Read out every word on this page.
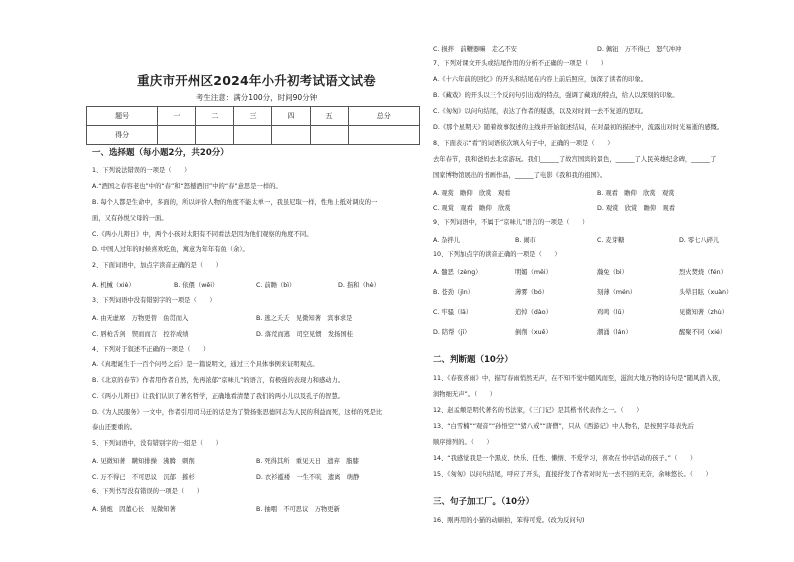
重庆市开州区2024年小升初考试语文试卷
考生注意：满分100分，时间90分钟
题号	一	二	三	四	五	总分
得分						
一、选择题（每小题2分，共20分）
1、下列说法错误的一项是（　　）
A.“酒国之春容老也”中的“春”和“怒撼酒旧”中的“春”意思是一样的。
B. 每个人都是生命中，多面的，所以评价人物的角度不能太单一，我虽尼取一样，性角上抵对调皮的一
面，又有孙悦父母的一面。
C.《两小儿辩日》中，两个小孩对太阳有不同看法是因为他们观察的角度不同。
D. 中国人过年的时候喜欢吃鱼，寓意为年年有鱼（余）。
2、下面词语中，加点字读音正确的是（　　）
A. 机械（xiè）	B. 依偎（wěi）	C. 前瞻（bì）	D. 指和（hè）
3、下列词语中没有错别字的一项是（　　）
A. 由无虚席　万物更替　鱼贯而入	B. 逃之夭夭　见微知著　宾事求是
C. 唇枪舌剑　锲而而言　控荐成绩	D. 落荒而逃　司空见惯　发扬国桂
4、下列对于叙述不正确的一项是（　　）
A.《真理诞生于一百个问号之后》是一篇说明文，通过三个具体事例来证明观点。
B.《北京的春节》作者用作者自然，先再浓郁“京味儿”的语言，有极强的表现力和感动力。
C.《两小儿辩日》让我们认识了著名哲学，正确地看清楚了我们的两小儿以及孔子的智慧。
D.《为人民服务》一文中，作者引用司马迁的话是为了赞扬张思德同志为人民的利益而死，这样的死是比
泰山还要重的。
5、下列词语中，没有错别字的一组是（　　）
A. 见微知著　瞒知排操　沸腾　刺削	B. 死得其所　重见天日　遗弃　脂膝
C. 万不得已　不可思议　沉郁　摧杉	D. 衣衫褴褛　一生不吭　遗离　萌静
6、下列书写没有错误的一项是（　　）
A. 猜炮　因董心长　见微知著	B. 抽咽　不可思议　万物更新
C. 损拌　前鞭器嘛　走乙不安	D. 佩钮　万不得已　怒气冲冲
7、下列对课文开头或结尾作用的分析不正确的一项是（　　）
A.《十六年前的回忆》的开头和结尾在内容上前后照应，加深了读者的印象。
B.《藏戏》的开头以三个反问句引出戏的特点，强调了藏戏的特点，给人以深刻的印象。
C.《匆匆》以问句结尾，表达了作者的疑惑，以及对时间一去不复返的思叹。
D.《那个星期天》随着故事叙述的主线并开始叙述结局，在对最初的描述中，流露出对时光易逝的感慨。
8、下面表示“看”的词语依次填入句子中，正确的一项是（　　）
去年春节，我和爸妈去北京游玩。我们______了故宫国宾的景色，______了人民英雄纪念碑，______了
国家博物馆展出的书画作品，______了电影《我和我的祖国》。
A. 观赏　瞻仰　欣赏　观看	B. 观看　瞻仰　欣赏　观赏
C. 观赏　观看　瞻仰　欣赏	D. 观赏　欣赏　瞻仰　观看
9、下列词语中，不属于“京味儿”语言的一项是（　　）
A. 杂拌儿	B. 闹市	C. 麦芽糖	D. 零七八碎儿
10、下列加点字的读音正确的一项是（　　）
A. 髓恶（zèng）	明媚（měi）	瀚免（bì）	烈火焚烧（fén）
B. 苍劲（jìn）	薄雾（bó）	刻薄（mén）	头晕目眩（xuàn）
C. 牢骚（lā）	追悼（dào）	鸡鸣（lǔ）	见微知著（zhù）
D. 陪帮（jī）	倒削（xuē）	潮涌（lán）	醒聚不同（xié）
二、判断题（10分）
11、《春夜喜雨》中，描写春雨悄然无声，在不知不觉中随风而至，滋润大地万物的诗句是“随风潜入夜，
润物细无声”。（　　）
12、赵孟頫是明代著名的书法家，《三门记》是其楷书代表作之一。（　　）
13、“白雪楠”“观音”“孙悟空”“猪八戒”“唐僧”，只从《西游记》中人物名，是按照字母表先后
顺序排列的。（　　）
14、“我感觉我是一个黑皮、快乐、任性、懒惰、不爱学习，喜欢在书中活动的孩子。”（　　）
15、《匆匆》以问句结尾，呼应了开头，直接抒发了作者对时光一去不回的无奈，余味悠长。（　　）
三、句子加工厂。（10分）
16、刚再用的小猫的动刷拍，笨得可爱。(改为反问句)
